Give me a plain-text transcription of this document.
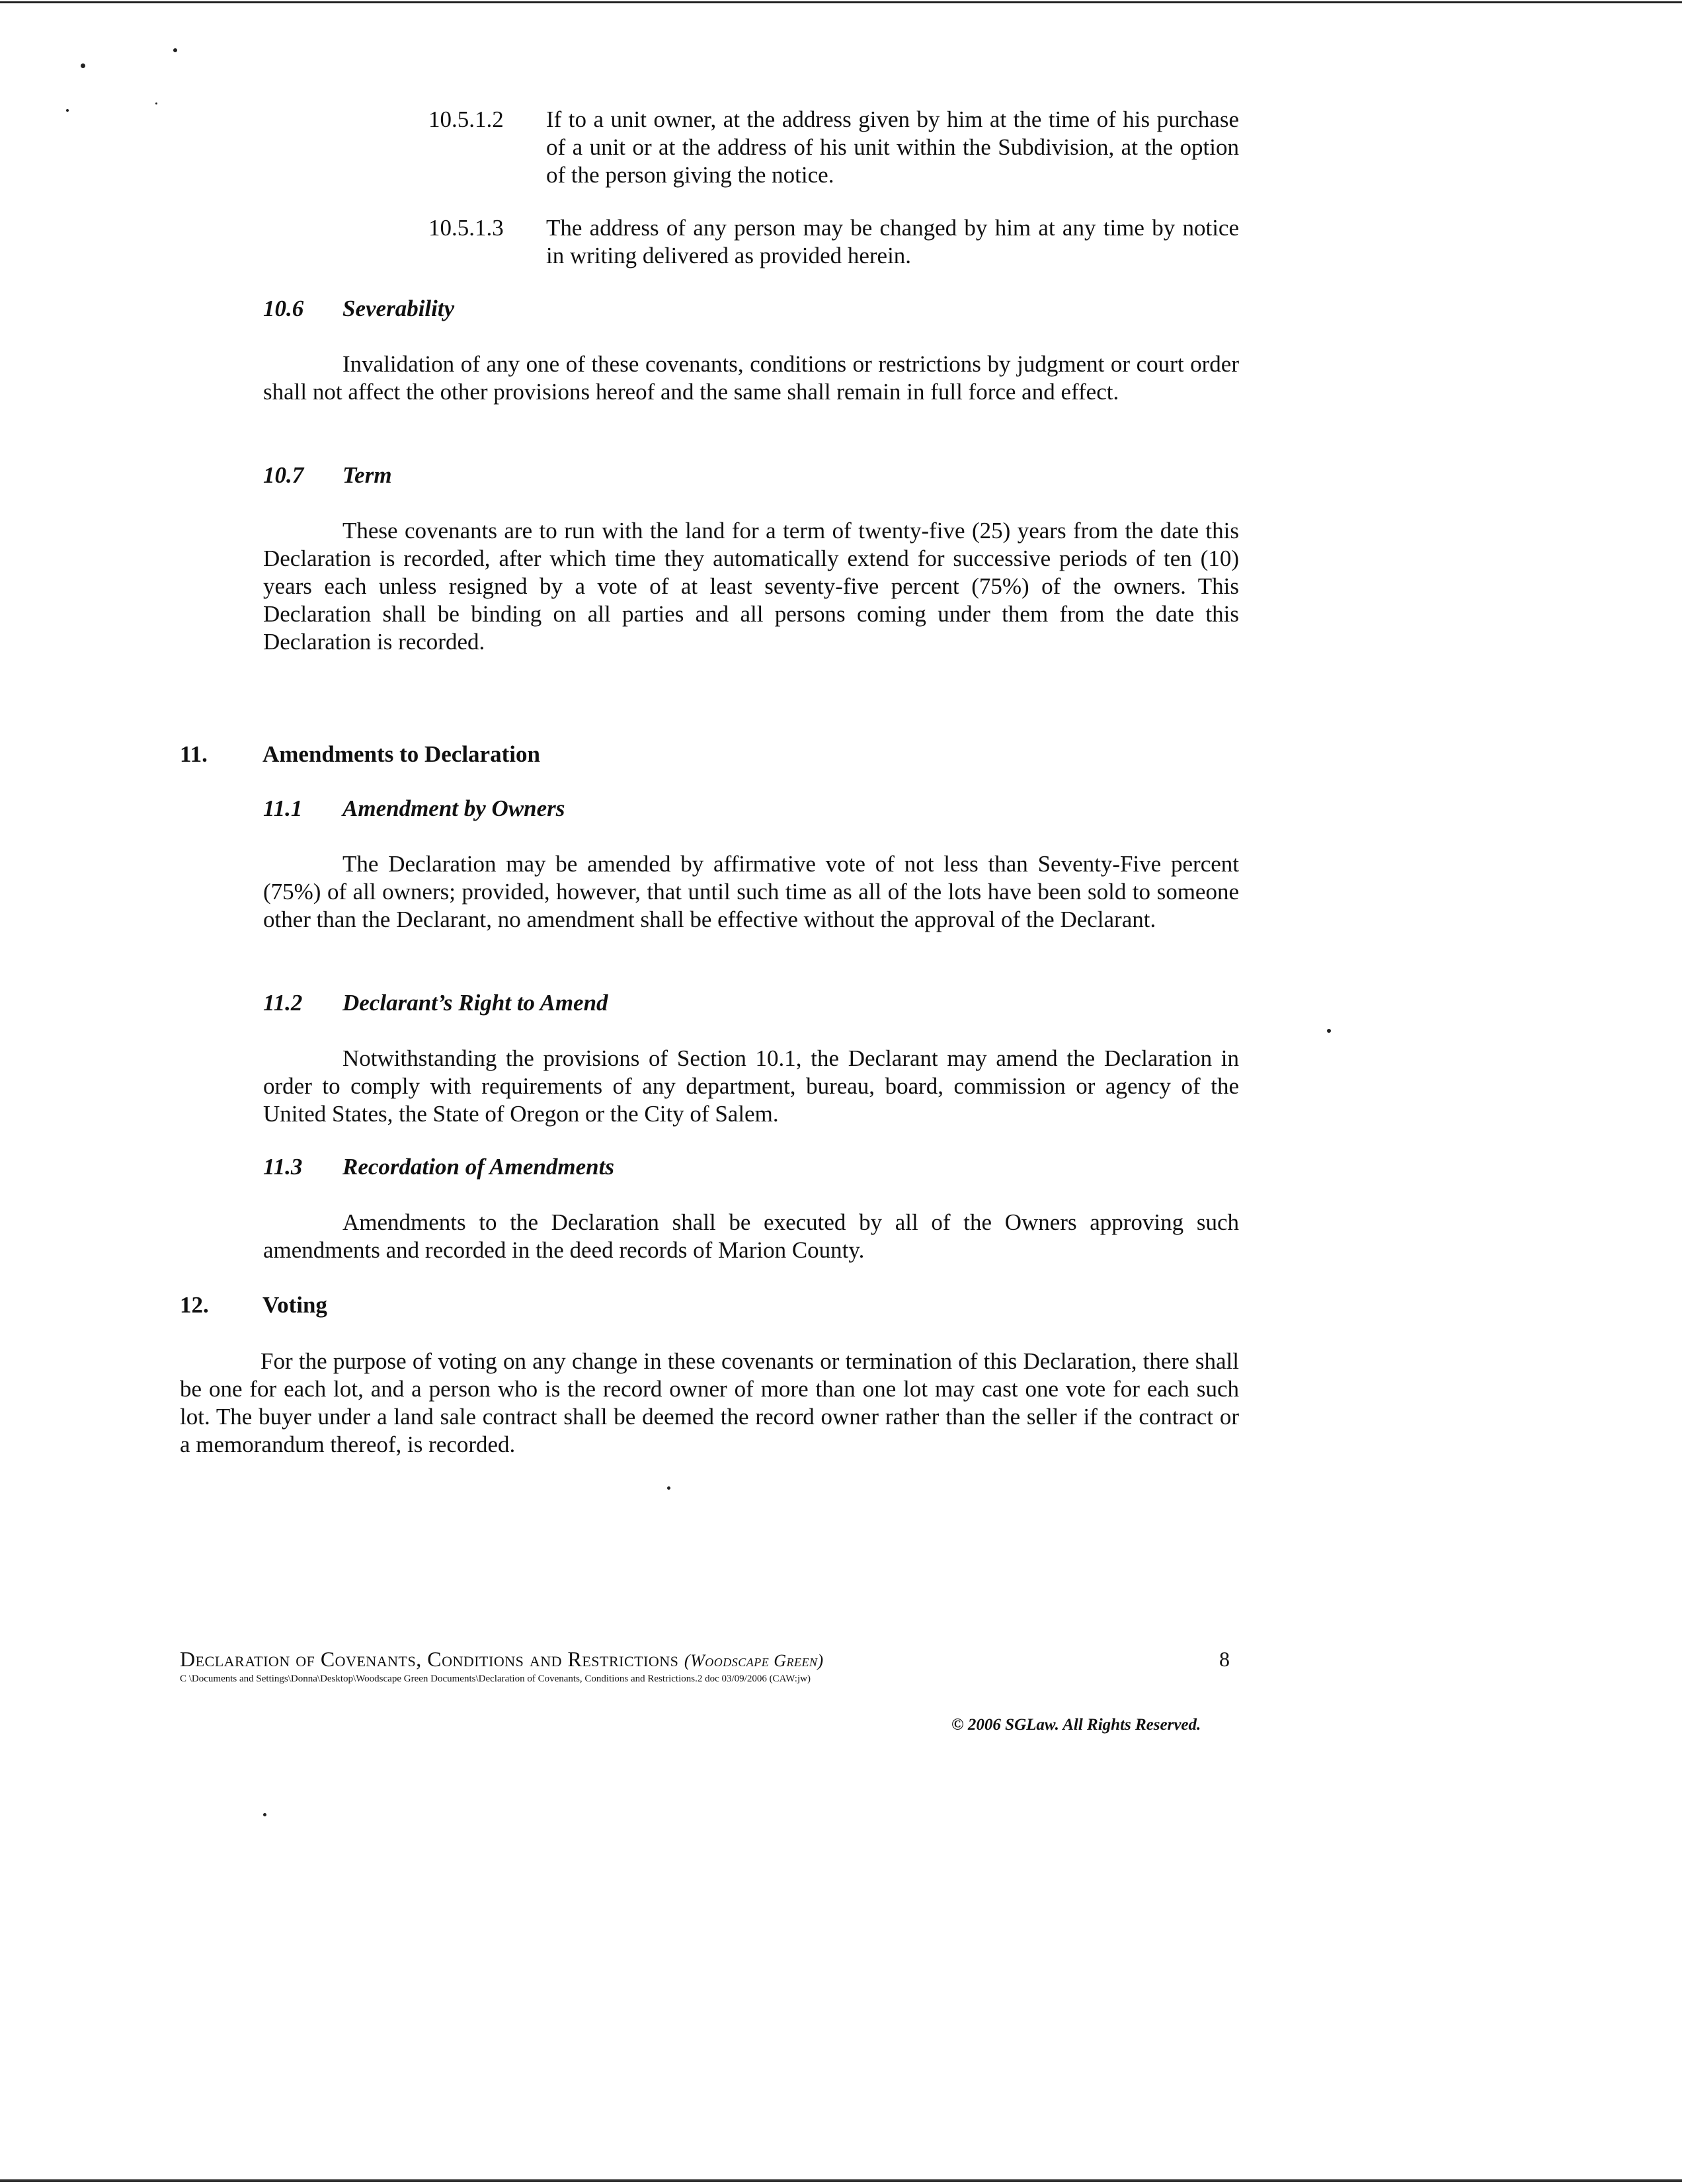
10.5.1.2 If to a unit owner, at the address given by him at the time of his purchase of a unit or at the address of his unit within the Subdivision, at the option of the person giving the notice.
10.5.1.3 The address of any person may be changed by him at any time by notice in writing delivered as provided herein.
10.6 Severability
Invalidation of any one of these covenants, conditions or restrictions by judgment or court order shall not affect the other provisions hereof and the same shall remain in full force and effect.
10.7 Term
These covenants are to run with the land for a term of twenty-five (25) years from the date this Declaration is recorded, after which time they automatically extend for successive periods of ten (10) years each unless resigned by a vote of at least seventy-five percent (75%) of the owners. This Declaration shall be binding on all parties and all persons coming under them from the date this Declaration is recorded.
11. Amendments to Declaration
11.1 Amendment by Owners
The Declaration may be amended by affirmative vote of not less than Seventy-Five percent (75%) of all owners; provided, however, that until such time as all of the lots have been sold to someone other than the Declarant, no amendment shall be effective without the approval of the Declarant.
11.2 Declarant’s Right to Amend
Notwithstanding the provisions of Section 10.1, the Declarant may amend the Declaration in order to comply with requirements of any department, bureau, board, commission or agency of the United States, the State of Oregon or the City of Salem.
11.3 Recordation of Amendments
Amendments to the Declaration shall be executed by all of the Owners approving such amendments and recorded in the deed records of Marion County.
12. Voting
For the purpose of voting on any change in these covenants or termination of this Declaration, there shall be one for each lot, and a person who is the record owner of more than one lot may cast one vote for each such lot. The buyer under a land sale contract shall be deemed the record owner rather than the seller if the contract or a memorandum thereof, is recorded.
Declaration of Covenants, Conditions and Restrictions (Woodscape Green)	8
C \Documents and Settings\Donna\Desktop\Woodscape Green Documents\Declaration of Covenants, Conditions and Restrictions.2 doc 03/09/2006 (CAW:jw)
© 2006 SGLaw. All Rights Reserved.
